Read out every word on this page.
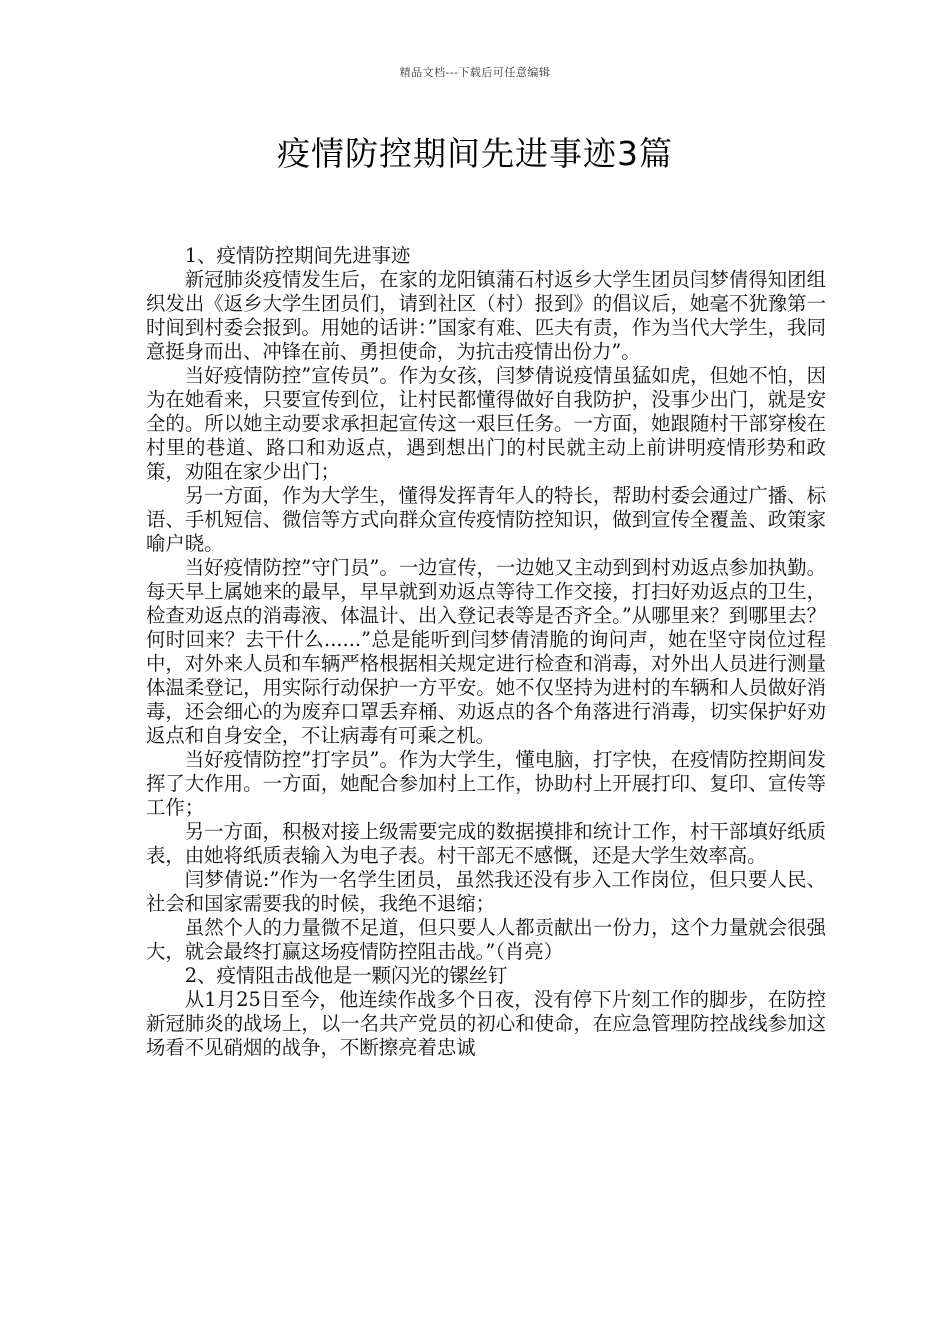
精品文档---下载后可任意编辑
疫情防控期间先进事迹3篇

1、疫情防控期间先进事迹

新冠肺炎疫情发生后，在家的龙阳镇蒲石村返乡大学生团员闫梦倩得知团组织发出《返乡大学生团员们，请到社区（村）报到》的倡议后，她毫不犹豫第一时间到村委会报到。用她的话讲：”国家有难、匹夫有责，作为当代大学生，我同意挺身而出、冲锋在前、勇担使命，为抗击疫情出份力”。

当好疫情防控”宣传员”。作为女孩，闫梦倩说疫情虽猛如虎，但她不怕，因为在她看来，只要宣传到位，让村民都懂得做好自我防护，没事少出门，就是安全的。所以她主动要求承担起宣传这一艰巨任务。一方面，她跟随村干部穿梭在村里的巷道、路口和劝返点，遇到想出门的村民就主动上前讲明疫情形势和政策，劝阻在家少出门；

另一方面，作为大学生，懂得发挥青年人的特长，帮助村委会通过广播、标语、手机短信、微信等方式向群众宣传疫情防控知识，做到宣传全覆盖、政策家喻户晓。

当好疫情防控”守门员”。一边宣传，一边她又主动到到村劝返点参加执勤。每天早上属她来的最早，早早就到劝返点等待工作交接，打扫好劝返点的卫生，检查劝返点的消毒液、体温计、出入登记表等是否齐全。”从哪里来？到哪里去？何时回来？去干什么......”总是能听到闫梦倩清脆的询问声，她在坚守岗位过程中，对外来人员和车辆严格根据相关规定进行检查和消毒，对外出人员进行测量体温柔登记，用实际行动保护一方平安。她不仅坚持为进村的车辆和人员做好消毒，还会细心的为废弃口罩丢弃桶、劝返点的各个角落进行消毒，切实保护好劝返点和自身安全，不让病毒有可乘之机。

当好疫情防控”打字员”。作为大学生，懂电脑，打字快，在疫情防控期间发挥了大作用。一方面，她配合参加村上工作，协助村上开展打印、复印、宣传等工作；

另一方面，积极对接上级需要完成的数据摸排和统计工作，村干部填好纸质表，由她将纸质表输入为电子表。村干部无不感慨，还是大学生效率高。

闫梦倩说:”作为一名学生团员，虽然我还没有步入工作岗位，但只要人民、社会和国家需要我的时候，我绝不退缩；

虽然个人的力量微不足道，但只要人人都贡献出一份力，这个力量就会很强大，就会最终打赢这场疫情防控阻击战。”（肖亮）

2、疫情阻击战他是一颗闪光的镙丝钉

从1月25日至今，他连续作战多个日夜，没有停下片刻工作的脚步，在防控新冠肺炎的战场上，以一名共产党员的初心和使命，在应急管理防控战线参加这场看不见硝烟的战争，不断擦亮着忠诚
